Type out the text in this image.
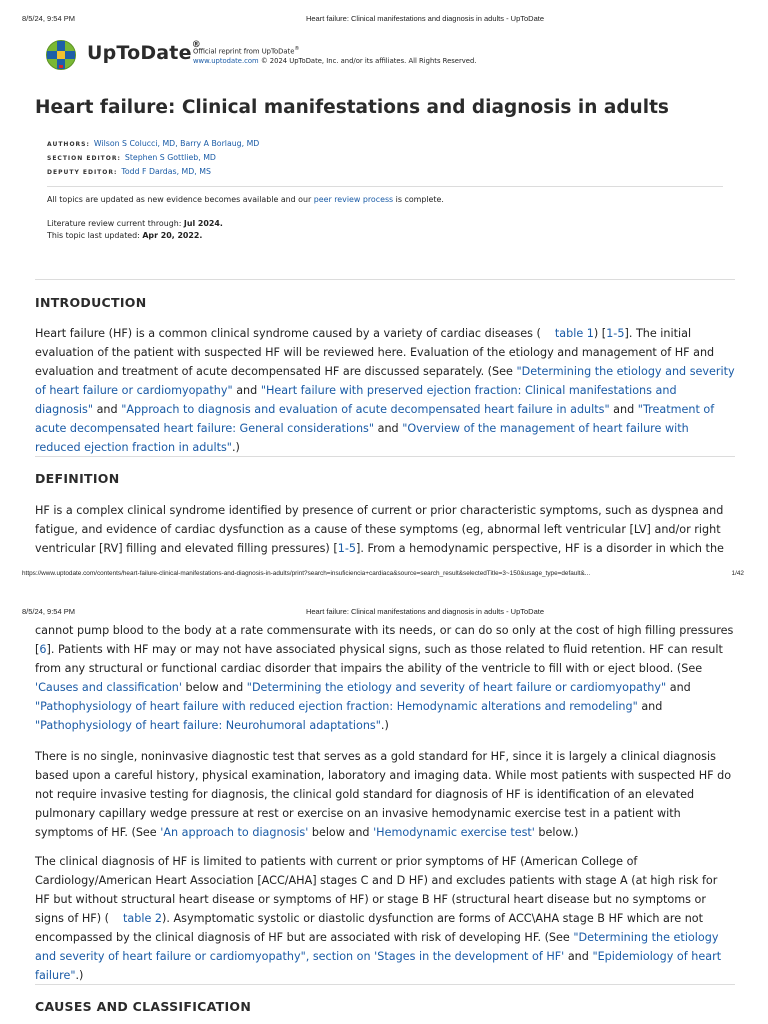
8/5/24, 9:54 PM	Heart failure: Clinical manifestations and diagnosis in adults - UpToDate
UpToDate®
Official reprint from UpToDate®
www.uptodate.com © 2024 UpToDate, Inc. and/or its affiliates. All Rights Reserved.
Heart failure: Clinical manifestations and diagnosis in adults
AUTHORS: Wilson S Colucci, MD, Barry A Borlaug, MD
SECTION EDITOR: Stephen S Gottlieb, MD
DEPUTY EDITOR: Todd F Dardas, MD, MS
All topics are updated as new evidence becomes available and our peer review process is complete.
Literature review current through: Jul 2024.
This topic last updated: Apr 20, 2022.
INTRODUCTION

Heart failure (HF) is a common clinical syndrome caused by a variety of cardiac diseases ( table 1) [1-5]. The initial evaluation of the patient with suspected HF will be reviewed here. Evaluation of the etiology and management of HF and evaluation and treatment of acute decompensated HF are discussed separately. (See "Determining the etiology and severity of heart failure or cardiomyopathy" and "Heart failure with preserved ejection fraction: Clinical manifestations and diagnosis" and "Approach to diagnosis and evaluation of acute decompensated heart failure in adults" and "Treatment of acute decompensated heart failure: General considerations" and "Overview of the management of heart failure with reduced ejection fraction in adults".)

DEFINITION

HF is a complex clinical syndrome identified by presence of current or prior characteristic symptoms, such as dyspnea and fatigue, and evidence of cardiac dysfunction as a cause of these symptoms (eg, abnormal left ventricular [LV] and/or right ventricular [RV] filling and elevated filling pressures) [1-5]. From a hemodynamic perspective, HF is a disorder in which the

https://www.uptodate.com/contents/heart-failure-clinical-manifestations-and-diagnosis-in-adults/print?search=insuficiencia+cardiaca&source=search_result&selectedTitle=3~150&usage_type=default&...	1/42
8/5/24, 9:54 PM	Heart failure: Clinical manifestations and diagnosis in adults - UpToDate

cannot pump blood to the body at a rate commensurate with its needs, or can do so only at the cost of high filling pressures [6]. Patients with HF may or may not have associated physical signs, such as those related to fluid retention. HF can result from any structural or functional cardiac disorder that impairs the ability of the ventricle to fill with or eject blood. (See 'Causes and classification' below and "Determining the etiology and severity of heart failure or cardiomyopathy" and "Pathophysiology of heart failure with reduced ejection fraction: Hemodynamic alterations and remodeling" and "Pathophysiology of heart failure: Neurohumoral adaptations".)

There is no single, noninvasive diagnostic test that serves as a gold standard for HF, since it is largely a clinical diagnosis based upon a careful history, physical examination, laboratory and imaging data. While most patients with suspected HF do not require invasive testing for diagnosis, the clinical gold standard for diagnosis of HF is identification of an elevated pulmonary capillary wedge pressure at rest or exercise on an invasive hemodynamic exercise test in a patient with symptoms of HF. (See 'An approach to diagnosis' below and 'Hemodynamic exercise test' below.)

The clinical diagnosis of HF is limited to patients with current or prior symptoms of HF (American College of Cardiology/American Heart Association [ACC/AHA] stages C and D HF) and excludes patients with stage A (at high risk for HF but without structural heart disease or symptoms of HF) or stage B HF (structural heart disease but no symptoms or signs of HF) ( table 2). Asymptomatic systolic or diastolic dysfunction are forms of ACC\AHA stage B HF which are not encompassed by the clinical diagnosis of HF but are associated with risk of developing HF. (See "Determining the etiology and severity of heart failure or cardiomyopathy", section on 'Stages in the development of HF' and "Epidemiology of heart failure".)

CAUSES AND CLASSIFICATION
